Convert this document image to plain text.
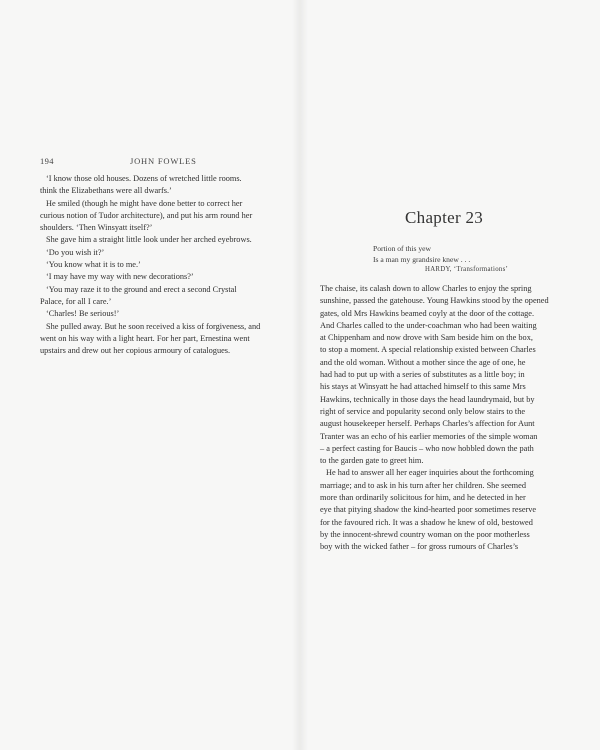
194	JOHN FOWLES
‘I know those old houses. Dozens of wretched little rooms.
think the Elizabethans were all dwarfs.’
He smiled (though he might have done better to correct her
curious notion of Tudor architecture), and put his arm round her
shoulders. ‘Then Winsyatt itself?’
She gave him a straight little look under her arched eyebrows.
‘Do you wish it?’
‘You know what it is to me.’
‘I may have my way with new decorations?’
‘You may raze it to the ground and erect a second Crystal
Palace, for all I care.’
‘Charles! Be serious!’
She pulled away. But he soon received a kiss of forgiveness, and
went on his way with a light heart. For her part, Ernestina went
upstairs and drew out her copious armoury of catalogues.
Chapter 23
Portion of this yew
Is a man my grandsire knew . . .
HARDY, ‘Transformations’
The chaise, its calash down to allow Charles to enjoy the spring
sunshine, passed the gatehouse. Young Hawkins stood by the opened
gates, old Mrs Hawkins beamed coyly at the door of the cottage.
And Charles called to the under-coachman who had been waiting
at Chippenham and now drove with Sam beside him on the box,
to stop a moment. A special relationship existed between Charles
and the old woman. Without a mother since the age of one, he
had had to put up with a series of substitutes as a little boy; in
his stays at Winsyatt he had attached himself to this same Mrs
Hawkins, technically in those days the head laundrymaid, but by
right of service and popularity second only below stairs to the
august housekeeper herself. Perhaps Charles’s affection for Aunt
Tranter was an echo of his earlier memories of the simple woman
– a perfect casting for Baucis – who now hobbled down the path
to the garden gate to greet him.
He had to answer all her eager inquiries about the forthcoming
marriage; and to ask in his turn after her children. She seemed
more than ordinarily solicitous for him, and he detected in her
eye that pitying shadow the kind-hearted poor sometimes reserve
for the favoured rich. It was a shadow he knew of old, bestowed
by the innocent-shrewd country woman on the poor motherless
boy with the wicked father – for gross rumours of Charles’s
